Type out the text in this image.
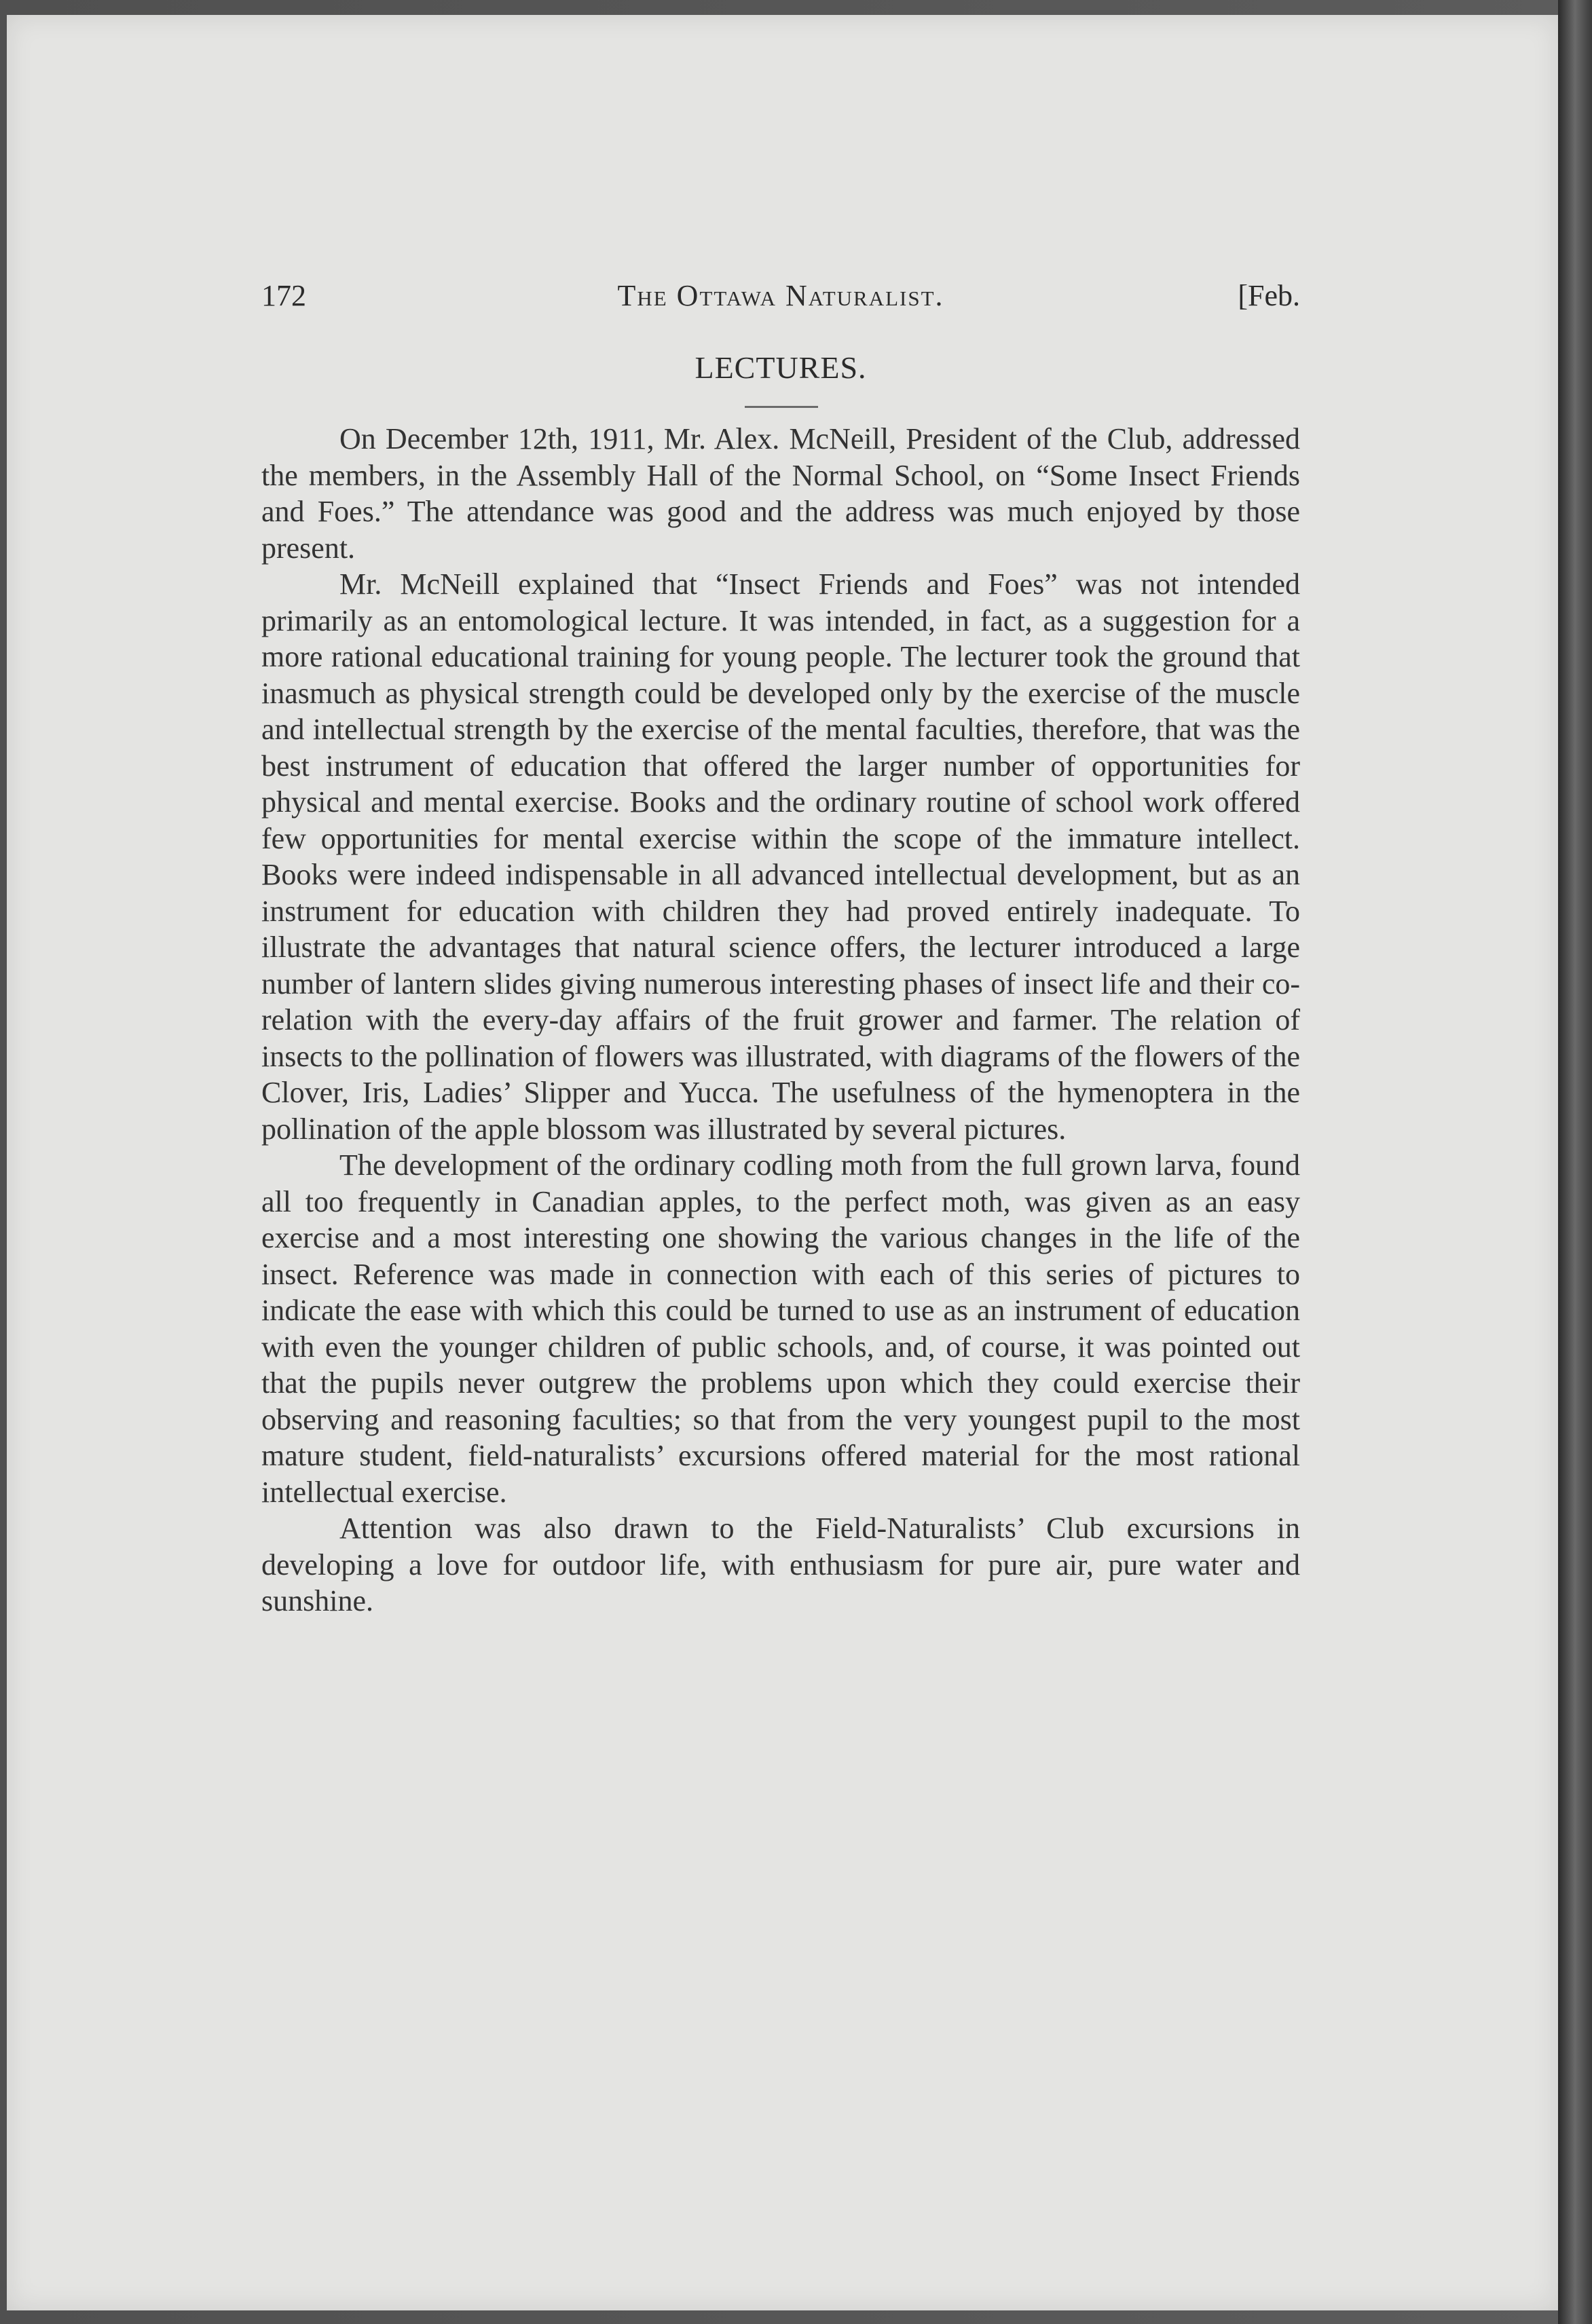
172	The Ottawa Naturalist.	[Feb.
LECTURES.

On December 12th, 1911, Mr. Alex. McNeill, President of the Club, addressed the members, in the Assembly Hall of the Normal School, on “Some Insect Friends and Foes.” The attendance was good and the address was much enjoyed by those present.

Mr. McNeill explained that “Insect Friends and Foes” was not intended primarily as an entomological lecture. It was intended, in fact, as a suggestion for a more rational educational training for young people. The lecturer took the ground that inasmuch as physical strength could be developed only by the exercise of the muscle and intellectual strength by the exercise of the mental faculties, therefore, that was the best instrument of education that offered the larger number of opportunities for physical and mental exercise. Books and the ordinary routine of school work offered few opportunities for mental exercise within the scope of the immature intellect. Books were indeed indispensable in all advanced intellectual development, but as an instrument for education with children they had proved entirely inadequate. To illustrate the advantages that natural science offers, the lecturer introduced a large number of lantern slides giving numerous interesting phases of insect life and their co-relation with the every-day affairs of the fruit grower and farmer. The relation of insects to the pollination of flowers was illustrated, with diagrams of the flowers of the Clover, Iris, Ladies’ Slipper and Yucca. The usefulness of the hymenoptera in the pollination of the apple blossom was illustrated by several pictures.

The development of the ordinary codling moth from the full grown larva, found all too frequently in Canadian apples, to the perfect moth, was given as an easy exercise and a most interesting one showing the various changes in the life of the insect. Reference was made in connection with each of this series of pictures to indicate the ease with which this could be turned to use as an instrument of education with even the younger children of public schools, and, of course, it was pointed out that the pupils never outgrew the problems upon which they could exercise their observing and reasoning faculties; so that from the very youngest pupil to the most mature student, field-naturalists’ excursions offered material for the most rational intellectual exercise.

Attention was also drawn to the Field-Naturalists’ Club excursions in developing a love for outdoor life, with enthusiasm for pure air, pure water and sunshine.
